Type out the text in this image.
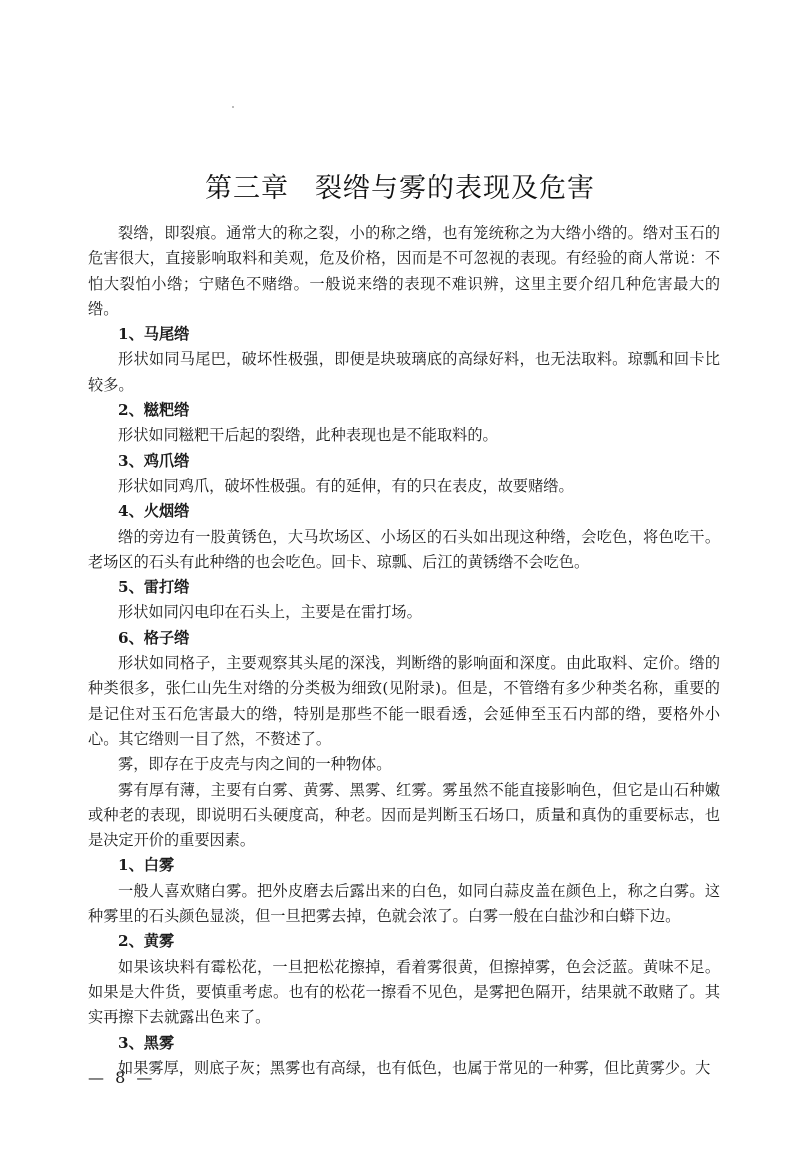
第三章 裂绺与雾的表现及危害

裂绺，即裂痕。通常大的称之裂，小的称之绺，也有笼统称之为大绺小绺的。绺对玉石的危害很大，直接影响取料和美观，危及价格，因而是不可忽视的表现。有经验的商人常说：不怕大裂怕小绺；宁赌色不赌绺。一般说来绺的表现不难识辨，这里主要介绍几种危害最大的绺。

1、马尾绺

形状如同马尾巴，破坏性极强，即便是块玻璃底的高绿好料，也无法取料。琼瓢和回卡比较多。

2、糍粑绺

形状如同糍粑干后起的裂绺，此种表现也是不能取料的。

3、鸡爪绺

形状如同鸡爪，破坏性极强。有的延伸，有的只在表皮，故要赌绺。

4、火烟绺

绺的旁边有一股黄锈色，大马坎场区、小场区的石头如出现这种绺，会吃色，将色吃干。老场区的石头有此种绺的也会吃色。回卡、琼瓢、后江的黄锈绺不会吃色。

5、雷打绺

形状如同闪电印在石头上，主要是在雷打场。

6、格子绺

形状如同格子，主要观察其头尾的深浅，判断绺的影响面和深度。由此取料、定价。绺的种类很多，张仁山先生对绺的分类极为细致(见附录)。但是，不管绺有多少种类名称，重要的是记住对玉石危害最大的绺，特别是那些不能一眼看透，会延伸至玉石内部的绺，要格外小心。其它绺则一目了然，不赘述了。

雾，即存在于皮壳与肉之间的一种物体。

雾有厚有薄，主要有白雾、黄雾、黑雾、红雾。雾虽然不能直接影响色，但它是山石种嫩或种老的表现，即说明石头硬度高，种老。因而是判断玉石场口，质量和真伪的重要标志，也是决定开价的重要因素。

1、白雾

一般人喜欢赌白雾。把外皮磨去后露出来的白色，如同白蒜皮盖在颜色上，称之白雾。这种雾里的石头颜色显淡，但一旦把雾去掉，色就会浓了。白雾一般在白盐沙和白蟒下边。

2、黄雾

如果该块料有霉松花，一旦把松花擦掉，看着雾很黄，但擦掉雾，色会泛蓝。黄味不足。如果是大件货，要慎重考虑。也有的松花一擦看不见色，是雾把色隔开，结果就不敢赌了。其实再擦下去就露出色来了。

3、黑雾

如果雾厚，则底子灰；黑雾也有高绿，也有低色，也属于常见的一种雾，但比黄雾少。大

— 8 —
